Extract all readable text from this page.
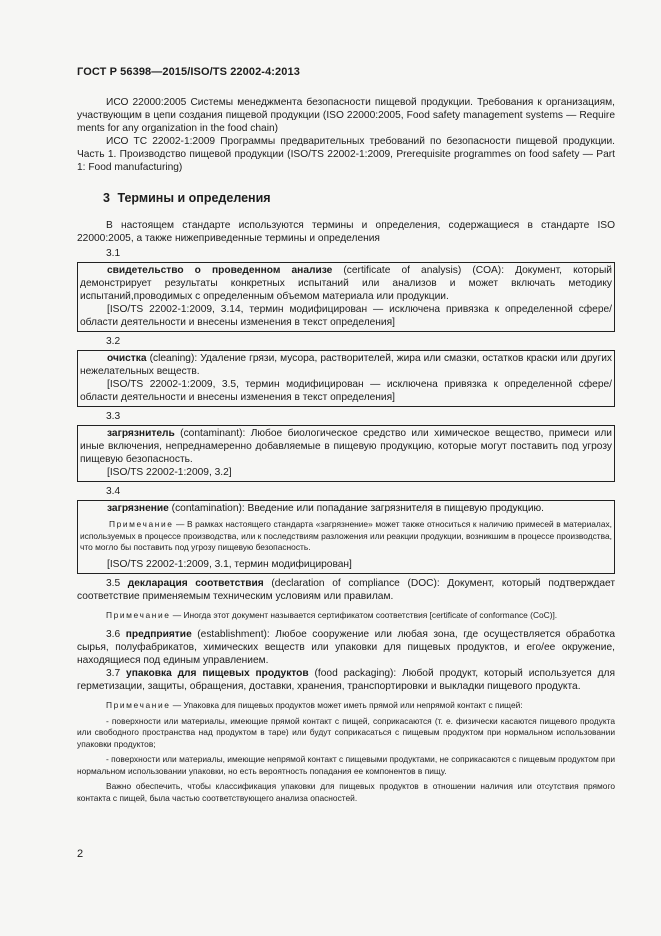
ГОСТ Р 56398—2015/ISO/TS 22002-4:2013

ИСО 22000:2005 Системы менеджмента безопасности пищевой продукции. Требования к организациям, участвующим в цепи создания пищевой продукции (ISO 22000:2005, Food safety management systems — Require ments for any organization in the food chain)

ИСО ТС 22002-1:2009 Программы предварительных требований по безопасности пищевой продукции. Часть 1. Производство пищевой продукции (ISO/TS 22002-1:2009, Prerequisite programmes on food safety — Part 1: Food manufacturing)

3 Термины и определения

В настоящем стандарте используются термины и определения, содержащиеся в стандарте ISO 22000:2005, а также нижеприведенные термины и определения

3.1

свидетельство о проведенном анализе (certificate of analysis) (COA): Документ, который демонстрирует результаты конкретных испытаний или анализов и может включать методику испытаний,проводимых с определенным объемом материала или продукции.

[ISO/TS 22002-1:2009, 3.14, термин модифицирован — исключена привязка к определенной сфере/области деятельности и внесены изменения в текст определения]

3.2

очистка (cleaning): Удаление грязи, мусора, растворителей, жира или смазки, остатков краски или других нежелательных веществ.

[ISO/TS 22002-1:2009, 3.5, термин модифицирован — исключена привязка к определенной сфере/области деятельности и внесены изменения в текст определения]

3.3

загрязнитель (contaminant): Любое биологическое средство или химическое вещество, примеси или иные включения, непреднамеренно добавляемые в пищевую продукцию, которые могут поставить под угрозу пищевую безопасность.

[ISO/TS 22002-1:2009, 3.2]

3.4

загрязнение (contamination): Введение или попадание загрязнителя в пищевую продукцию.

Примечание — В рамках настоящего стандарта «загрязнение» может также относиться к наличию примесей в материалах, используемых в процессе производства, или к последствиям разложения или реакции продукции, возникшим в процессе производства, что могло бы поставить под угрозу пищевую безопасность.

[ISO/TS 22002-1:2009, 3.1, термин модифицирован]

3.5 декларация соответствия (declaration of compliance (DOC): Документ, который подтверждает соответствие применяемым техническим условиям или правилам.

Примечание — Иногда этот документ называется сертификатом соответствия [certificate of conformance (CoC)].

3.6 предприятие (establishment): Любое сооружение или любая зона, где осуществляется обработка сырья, полуфабрикатов, химических веществ или упаковки для пищевых продуктов, и его/ее окружение, находящиеся под единым управлением.

3.7 упаковка для пищевых продуктов (food packaging): Любой продукт, который используется для герметизации, защиты, обращения, доставки, хранения, транспортировки и выкладки пищевого продукта.

Примечание — Упаковка для пищевых продуктов может иметь прямой или непрямой контакт с пищей:

- поверхности или материалы, имеющие прямой контакт с пищей, соприкасаются (т. е. физически касаются пищевого продукта или свободного пространства над продуктом в таре) или будут соприкасаться с пищевым продуктом при нормальном использовании упаковки продуктов;

- поверхности или материалы, имеющие непрямой контакт с пищевыми продуктами, не соприкасаются с пищевым продуктом при нормальном использовании упаковки, но есть вероятность попадания ее компонентов в пищу.

Важно обеспечить, чтобы классификация упаковки для пищевых продуктов в отношении наличия или отсутствия прямого контакта с пищей, была частью соответствующего анализа опасностей.

2
